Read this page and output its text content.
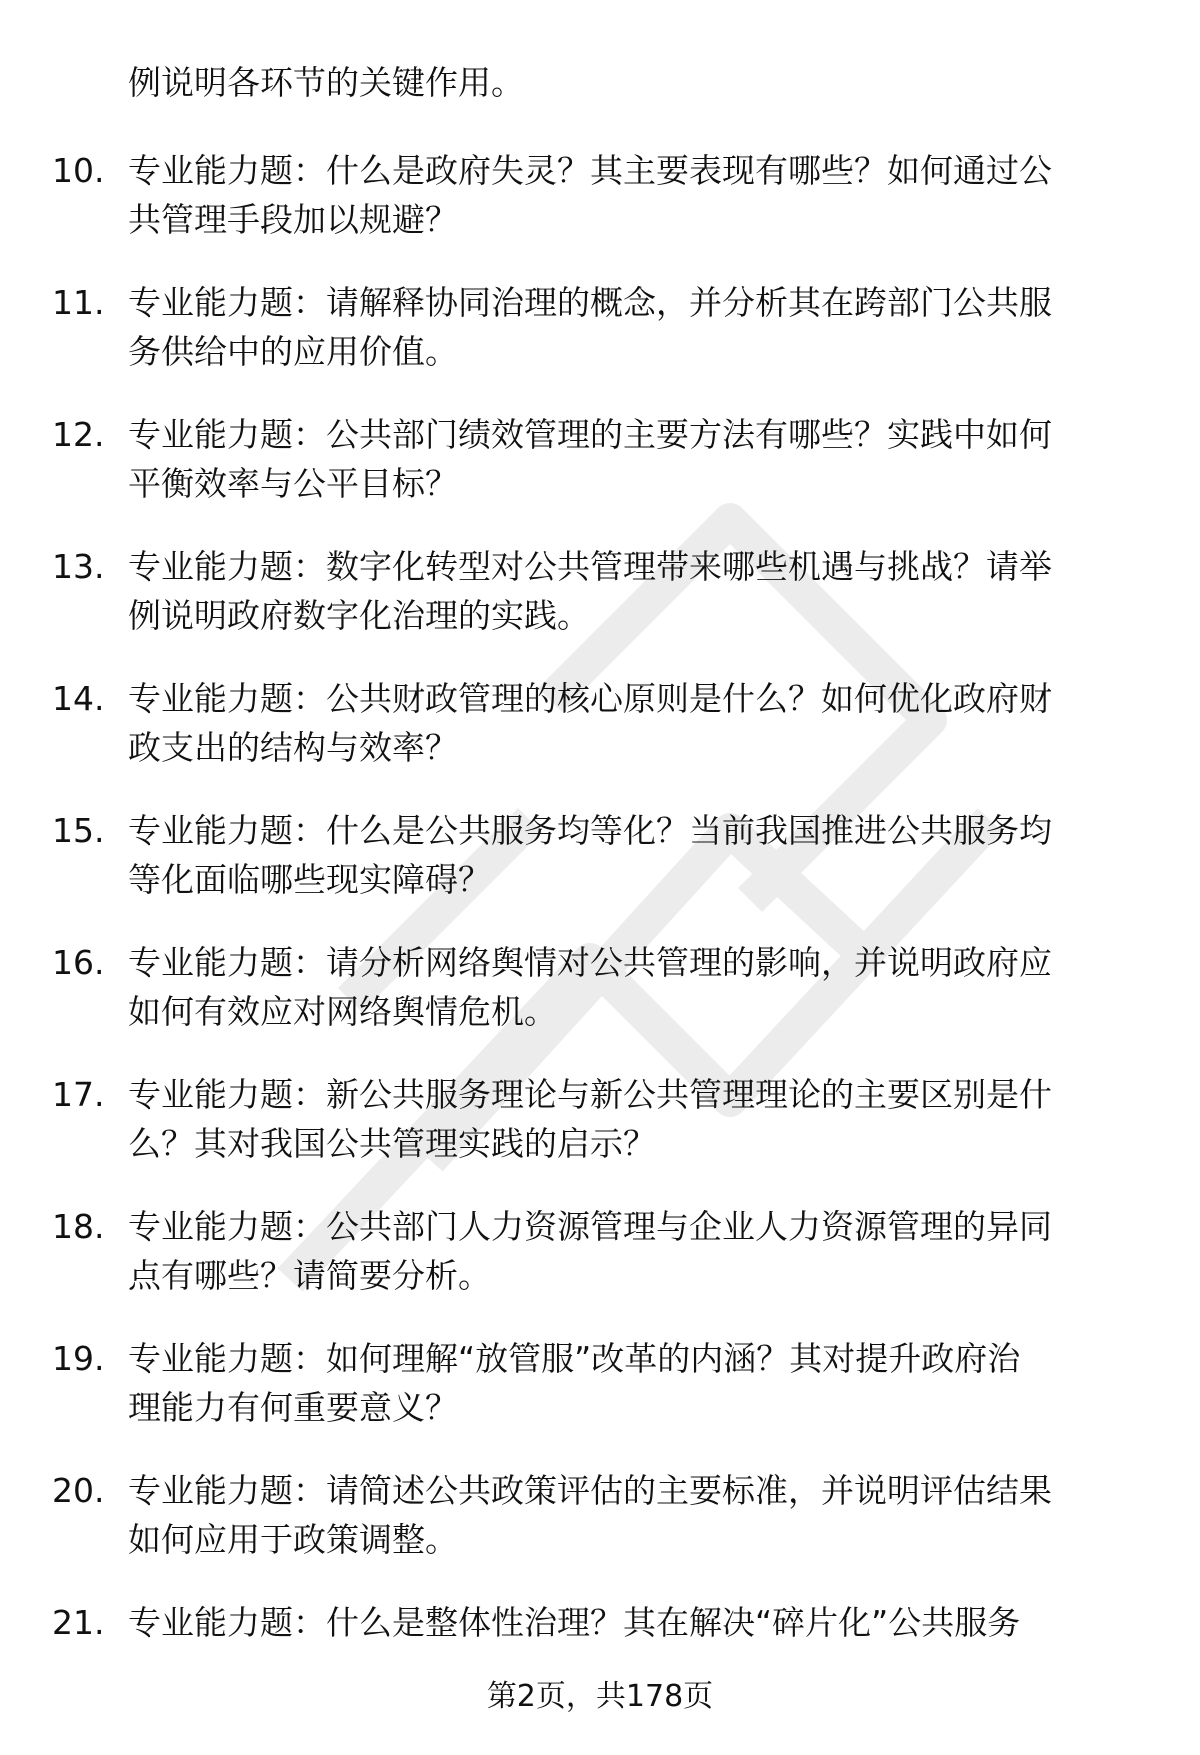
例说明各环节的关键作用。
10. 专业能力题：什么是政府失灵？其主要表现有哪些？如何通过公
共管理手段加以规避？
11. 专业能力题：请解释协同治理的概念，并分析其在跨部门公共服
务供给中的应用价值。
12. 专业能力题：公共部门绩效管理的主要方法有哪些？实践中如何
平衡效率与公平目标？
13. 专业能力题：数字化转型对公共管理带来哪些机遇与挑战？请举
例说明政府数字化治理的实践。
14. 专业能力题：公共财政管理的核心原则是什么？如何优化政府财
政支出的结构与效率？
15. 专业能力题：什么是公共服务均等化？当前我国推进公共服务均
等化面临哪些现实障碍？
16. 专业能力题：请分析网络舆情对公共管理的影响，并说明政府应
如何有效应对网络舆情危机。
17. 专业能力题：新公共服务理论与新公共管理理论的主要区别是什
么？其对我国公共管理实践的启示？
18. 专业能力题：公共部门人力资源管理与企业人力资源管理的异同
点有哪些？请简要分析。
19. 专业能力题：如何理解“放管服”改革的内涵？其对提升政府治
理能力有何重要意义？
20. 专业能力题：请简述公共政策评估的主要标准，并说明评估结果
如何应用于政策调整。
21. 专业能力题：什么是整体性治理？其在解决“碎片化”公共服务
第2页，共178页
